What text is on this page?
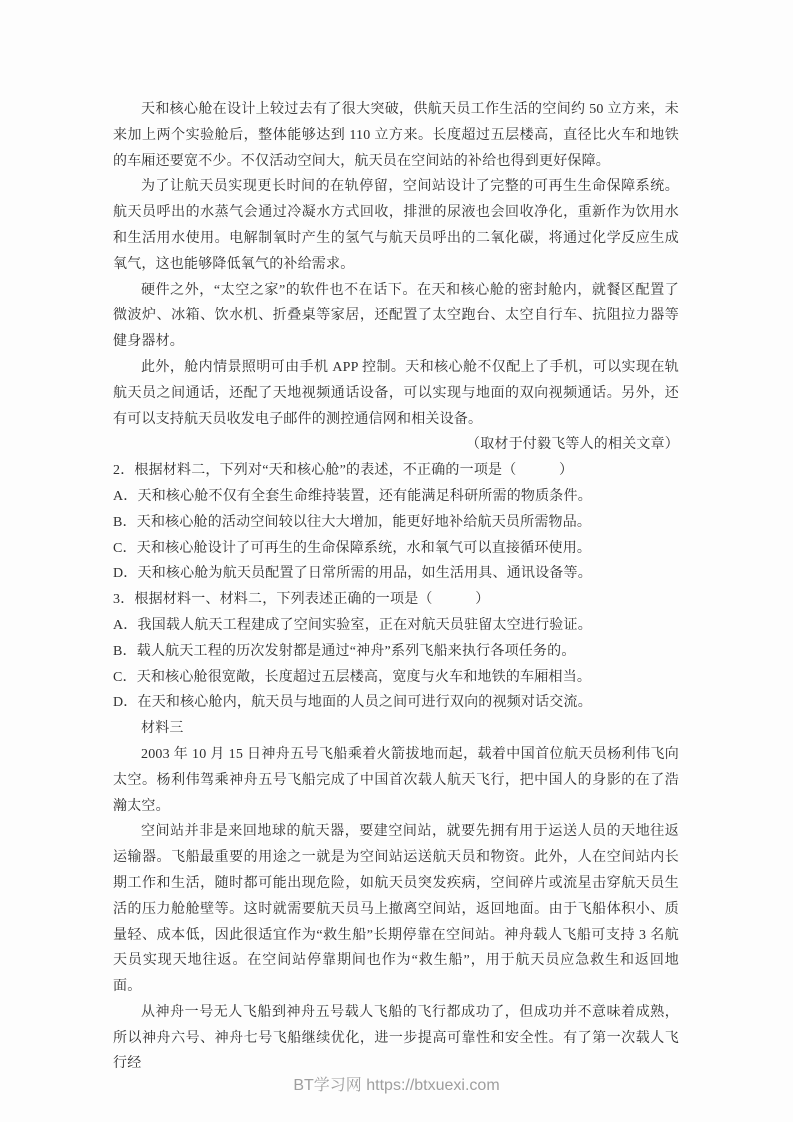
天和核心舱在设计上较过去有了很大突破，供航天员工作生活的空间约 50 立方来，未来加上两个实验舱后，整体能够达到 110 立方来。长度超过五层楼高，直径比火车和地铁的车厢还要宽不少。不仅活动空间大，航天员在空间站的补给也得到更好保障。

为了让航天员实现更长时间的在轨停留，空间站设计了完整的可再生生命保障系统。航天员呼出的水蒸气会通过冷凝水方式回收，排泄的尿液也会回收净化，重新作为饮用水和生活用水使用。电解制氧时产生的氢气与航天员呼出的二氧化碳，将通过化学反应生成氧气，这也能够降低氧气的补给需求。

硬件之外，“太空之家”的软件也不在话下。在天和核心舱的密封舱内，就餐区配置了微波炉、冰箱、饮水机、折叠桌等家居，还配置了太空跑台、太空自行车、抗阻拉力器等健身器材。

此外，舱内情景照明可由手机 APP 控制。天和核心舱不仅配上了手机，可以实现在轨航天员之间通话，还配了天地视频通话设备，可以实现与地面的双向视频通话。另外，还有可以支持航天员收发电子邮件的测控通信网和相关设备。

（取材于付毅飞等人的相关文章）

2．根据材料二，下列对“天和核心舱”的表述，不正确的一项是（　　　）

A．天和核心舱不仅有全套生命维持装置，还有能满足科研所需的物质条件。

B．天和核心舱的活动空间较以往大大增加，能更好地补给航天员所需物品。

C．天和核心舱设计了可再生的生命保障系统，水和氧气可以直接循环使用。

D．天和核心舱为航天员配置了日常所需的用品，如生活用具、通讯设备等。

3．根据材料一、材料二，下列表述正确的一项是（　　　）

A．我国载人航天工程建成了空间实验室，正在对航天员驻留太空进行验证。

B．载人航天工程的历次发射都是通过“神舟”系列飞船来执行各项任务的。

C．天和核心舱很宽敞，长度超过五层楼高，宽度与火车和地铁的车厢相当。

D．在天和核心舱内，航天员与地面的人员之间可进行双向的视频对话交流。

材料三

2003 年 10 月 15 日神舟五号飞船乘着火箭拔地而起，载着中国首位航天员杨利伟飞向太空。杨利伟驾乘神舟五号飞船完成了中国首次载人航天飞行，把中国人的身影的在了浩瀚太空。

空间站并非是来回地球的航天器，要建空间站，就要先拥有用于运送人员的天地往返运输器。飞船最重要的用途之一就是为空间站运送航天员和物资。此外，人在空间站内长期工作和生活，随时都可能出现危险，如航天员突发疾病，空间碎片或流星击穿航天员生活的压力舱舱壁等。这时就需要航天员马上撤离空间站，返回地面。由于飞船体积小、质量轻、成本低，因此很适宜作为“救生船”长期停靠在空间站。神舟载人飞船可支持 3 名航天员实现天地往返。在空间站停靠期间也作为“救生船”，用于航天员应急救生和返回地面。

从神舟一号无人飞船到神舟五号载人飞船的飞行都成功了，但成功并不意味着成熟，所以神舟六号、神舟七号飞船继续优化，进一步提高可靠性和安全性。有了第一次载人飞行经

BT学习网 https://btxuexi.com
